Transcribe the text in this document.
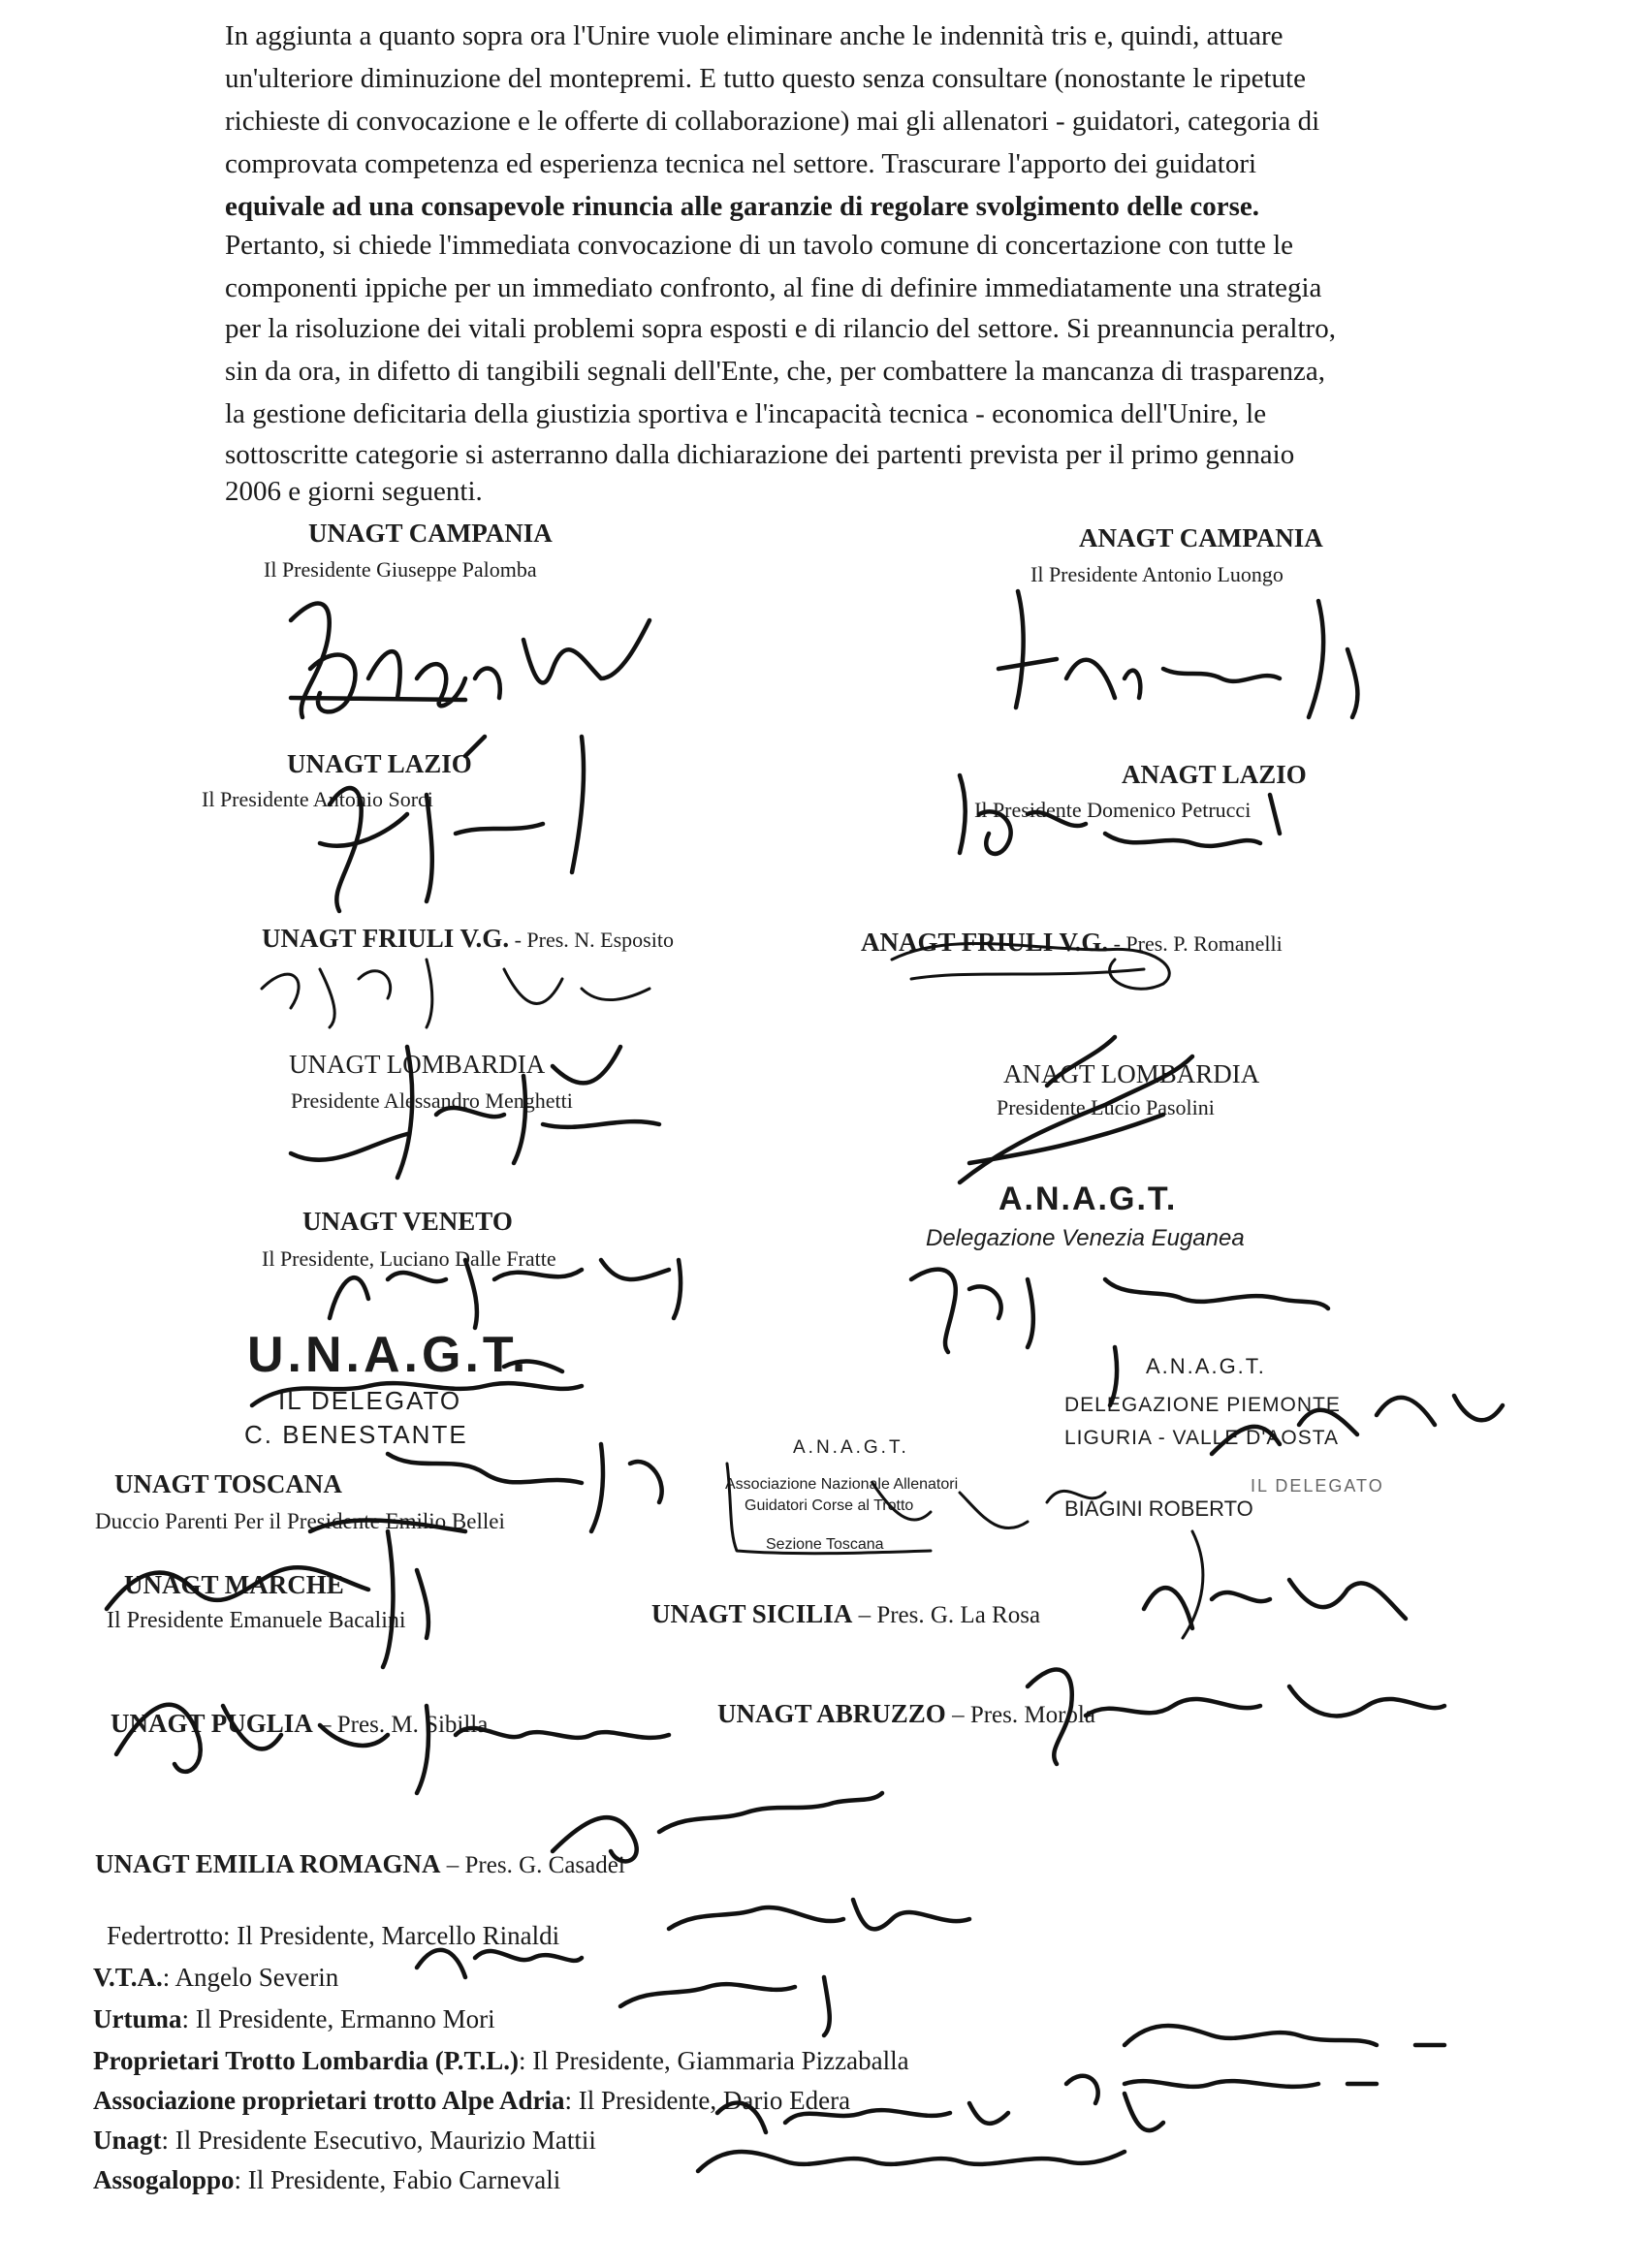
In aggiunta a quanto sopra ora l'Unire vuole eliminare anche le indennità tris e, quindi, attuare
un'ulteriore diminuzione del montepremi. E tutto questo senza consultare (nonostante le ripetute
richieste di convocazione e le offerte di collaborazione) mai gli allenatori - guidatori, categoria di
comprovata competenza ed esperienza tecnica nel settore. Trascurare l'apporto dei guidatori
equivale ad una consapevole rinuncia alle garanzie di regolare svolgimento delle corse.
Pertanto, si chiede l'immediata convocazione di un tavolo comune di concertazione con tutte le
componenti ippiche per un immediato confronto, al fine di definire immediatamente una strategia
per la risoluzione dei vitali problemi sopra esposti e di rilancio del settore. Si preannuncia peraltro,
sin da ora, in difetto di tangibili segnali dell'Ente, che, per combattere la mancanza di trasparenza,
la gestione deficitaria della giustizia sportiva e l'incapacità tecnica - economica dell'Unire, le
sottoscritte categorie si asterranno dalla dichiarazione dei partenti prevista per il primo gennaio
2006 e giorni seguenti.
UNAGT CAMPANIA
Il Presidente Giuseppe Palomba
ANAGT CAMPANIA
Il Presidente Antonio Luongo
UNAGT LAZIO
Il Presidente Antonio Sorci
ANAGT LAZIO
Il Presidente Domenico Petrucci
UNAGT FRIULI V.G. - Pres. N. Esposito	ANAGT FRIULI V.G. - Pres. P. Romanelli
UNAGT LOMBARDIA
Presidente Alessandro Menghetti
ANAGT LOMBARDIA
Presidente Lucio Pasolini
UNAGT VENETO
Il Presidente, Luciano Dalle Fratte
A.N.A.G.T.
Delegazione Venezia Euganea
U.N.A.G.T.
IL DELEGATO
C. BENESTANTE
A.N.A.G.T.
DELEGAZIONE PIEMONTE
LIGURIA - VALLE D'AOSTA
IL DELEGATO
UNAGT TOSCANA
Duccio Parenti Per il Presidente Emilio Bellei
A.N.A.G.T.
Associazione Nazionale Allenatori
Guidatori Corse al Trotto
Sezione Toscana
BIAGINI ROBERTO
UNAGT MARCHE
Il Presidente Emanuele Bacalini	UNAGT SICILIA – Pres. G. La Rosa
UNAGT PUGLIA – Pres. M. Sibilla	UNAGT ABRUZZO – Pres. Morola
UNAGT EMILIA ROMAGNA – Pres. G. Casadei
Federtrotto: Il Presidente, Marcello Rinaldi
V.T.A.: Angelo Severin
Urtuma: Il Presidente, Ermanno Mori
Proprietari Trotto Lombardia (P.T.L.): Il Presidente, Giammaria Pizzaballa
Associazione proprietari trotto Alpe Adria: Il Presidente, Dario Edera
Unagt: Il Presidente Esecutivo, Maurizio Mattii
Assogaloppo: Il Presidente, Fabio Carnevali
